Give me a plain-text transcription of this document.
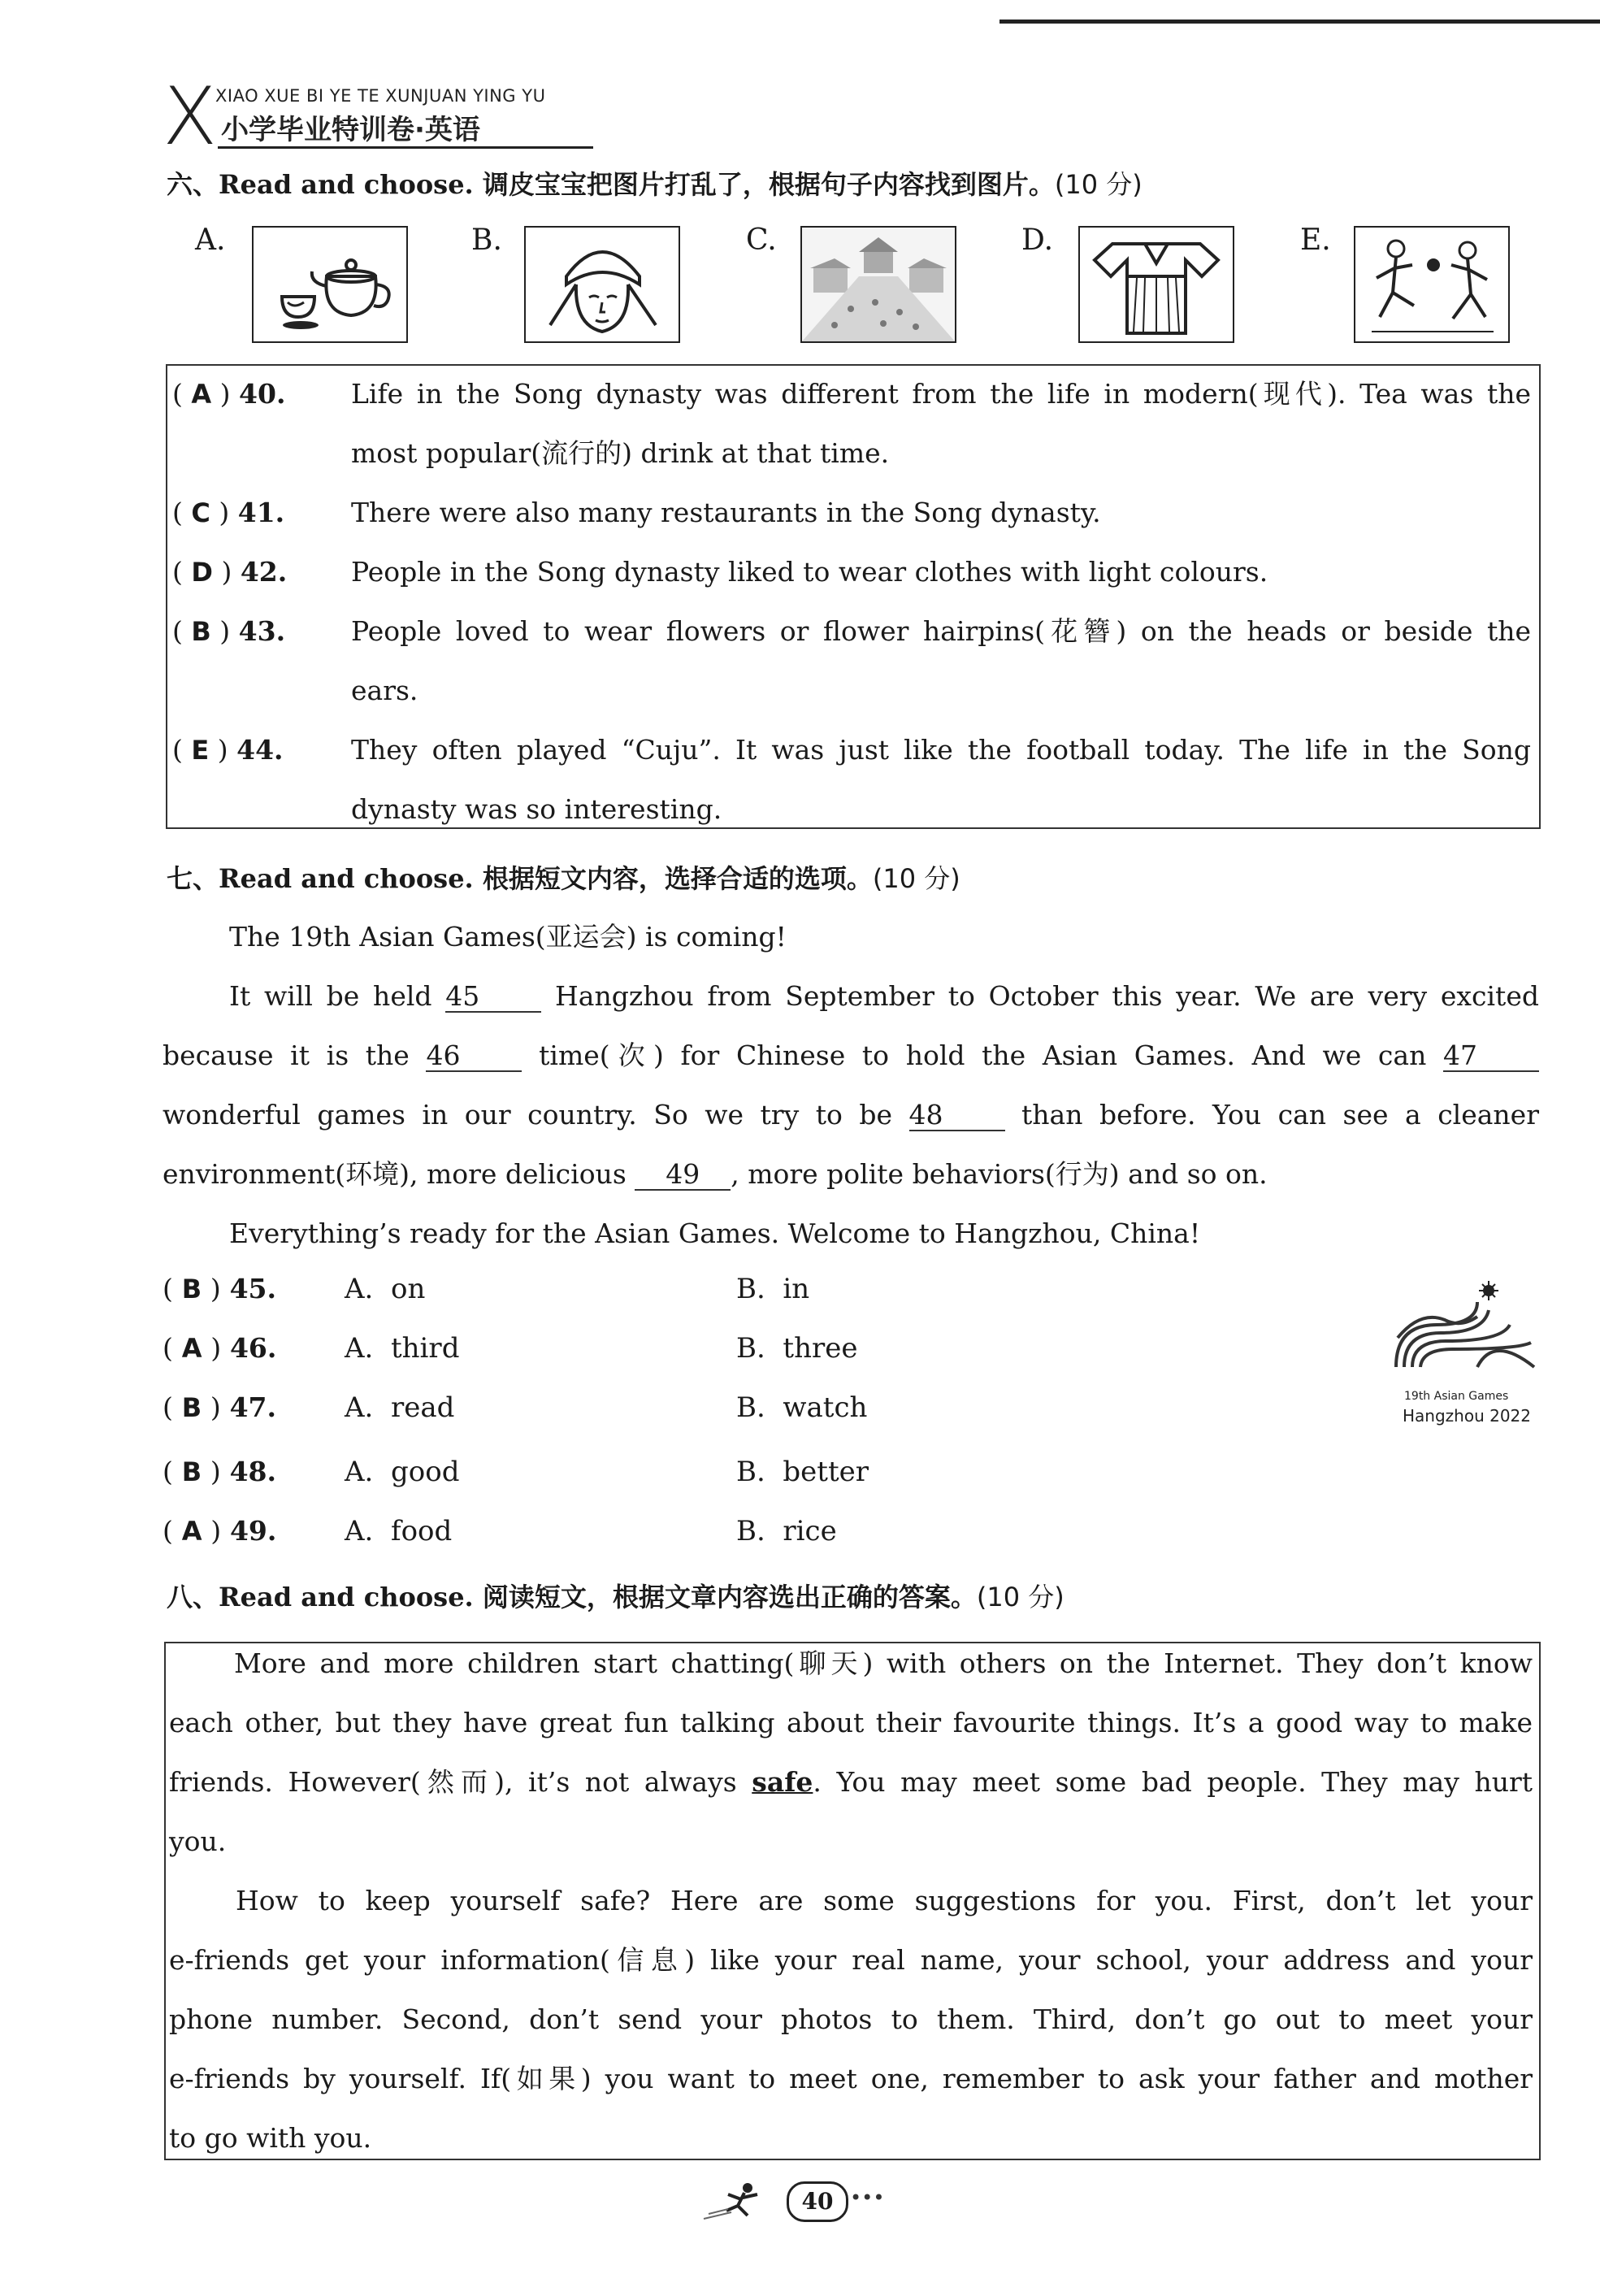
X
XIAO XUE BI YE TE XUNJUAN YING YU
小学毕业特训卷·英语
六、Read and choose. 调皮宝宝把图片打乱了，根据句子内容找到图片。(10 分)
A.	B.	C.	D.	E.
( A ) 40. Life in the Song dynasty was different from the life in modern(现代). Tea was the
most popular(流行的) drink at that time.
( C ) 41. There were also many restaurants in the Song dynasty.
( D ) 42. People in the Song dynasty liked to wear clothes with light colours.
( B ) 43. People loved to wear flowers or flower hairpins(花簪) on the heads or beside the
ears.
( E ) 44.	They often played “Cuju”. It was just like the football today. The life in the Song
dynasty was so interesting.
七、Read and choose. 根据短文内容，选择合适的选项。(10 分)
The 19th Asian Games(亚运会) is coming!
It will be held 45	Hangzhou from September to October this year. We are very excited
because it is the 46	time(次) for Chinese to hold the Asian Games. And we can 47
wonderful games in our country. So we try to be 48	than before. You can see a cleaner
environment(环境), more delicious 49 , more polite behaviors(行为) and so on.
Everything’s ready for the Asian Games. Welcome to Hangzhou, China!
( B ) 45. A. on	B. in
( A ) 46. A. third	B. three
( B ) 47. A. read	B. watch
( B ) 48. A. good	B. better
( A ) 49. A. food	B. rice
19th Asian Games
Hangzhou 2022
八、Read and choose. 阅读短文，根据文章内容选出正确的答案。(10 分)
More and more children start chatting(聊天) with others on the Internet. They don’t know
each other, but they have great fun talking about their favourite things. It’s a good way to make
friends. However(然而), it’s not always safe. You may meet some bad people. They may hurt
you.
How to keep yourself safe? Here are some suggestions for you. First, don’t let your
e-friends get your information(信息) like your real name, your school, your address and your
phone number. Second, don’t send your photos to them. Third, don’t go out to meet your
e-friends by yourself. If(如果) you want to meet one, remember to ask your father and mother
to go with you.
40 •••
